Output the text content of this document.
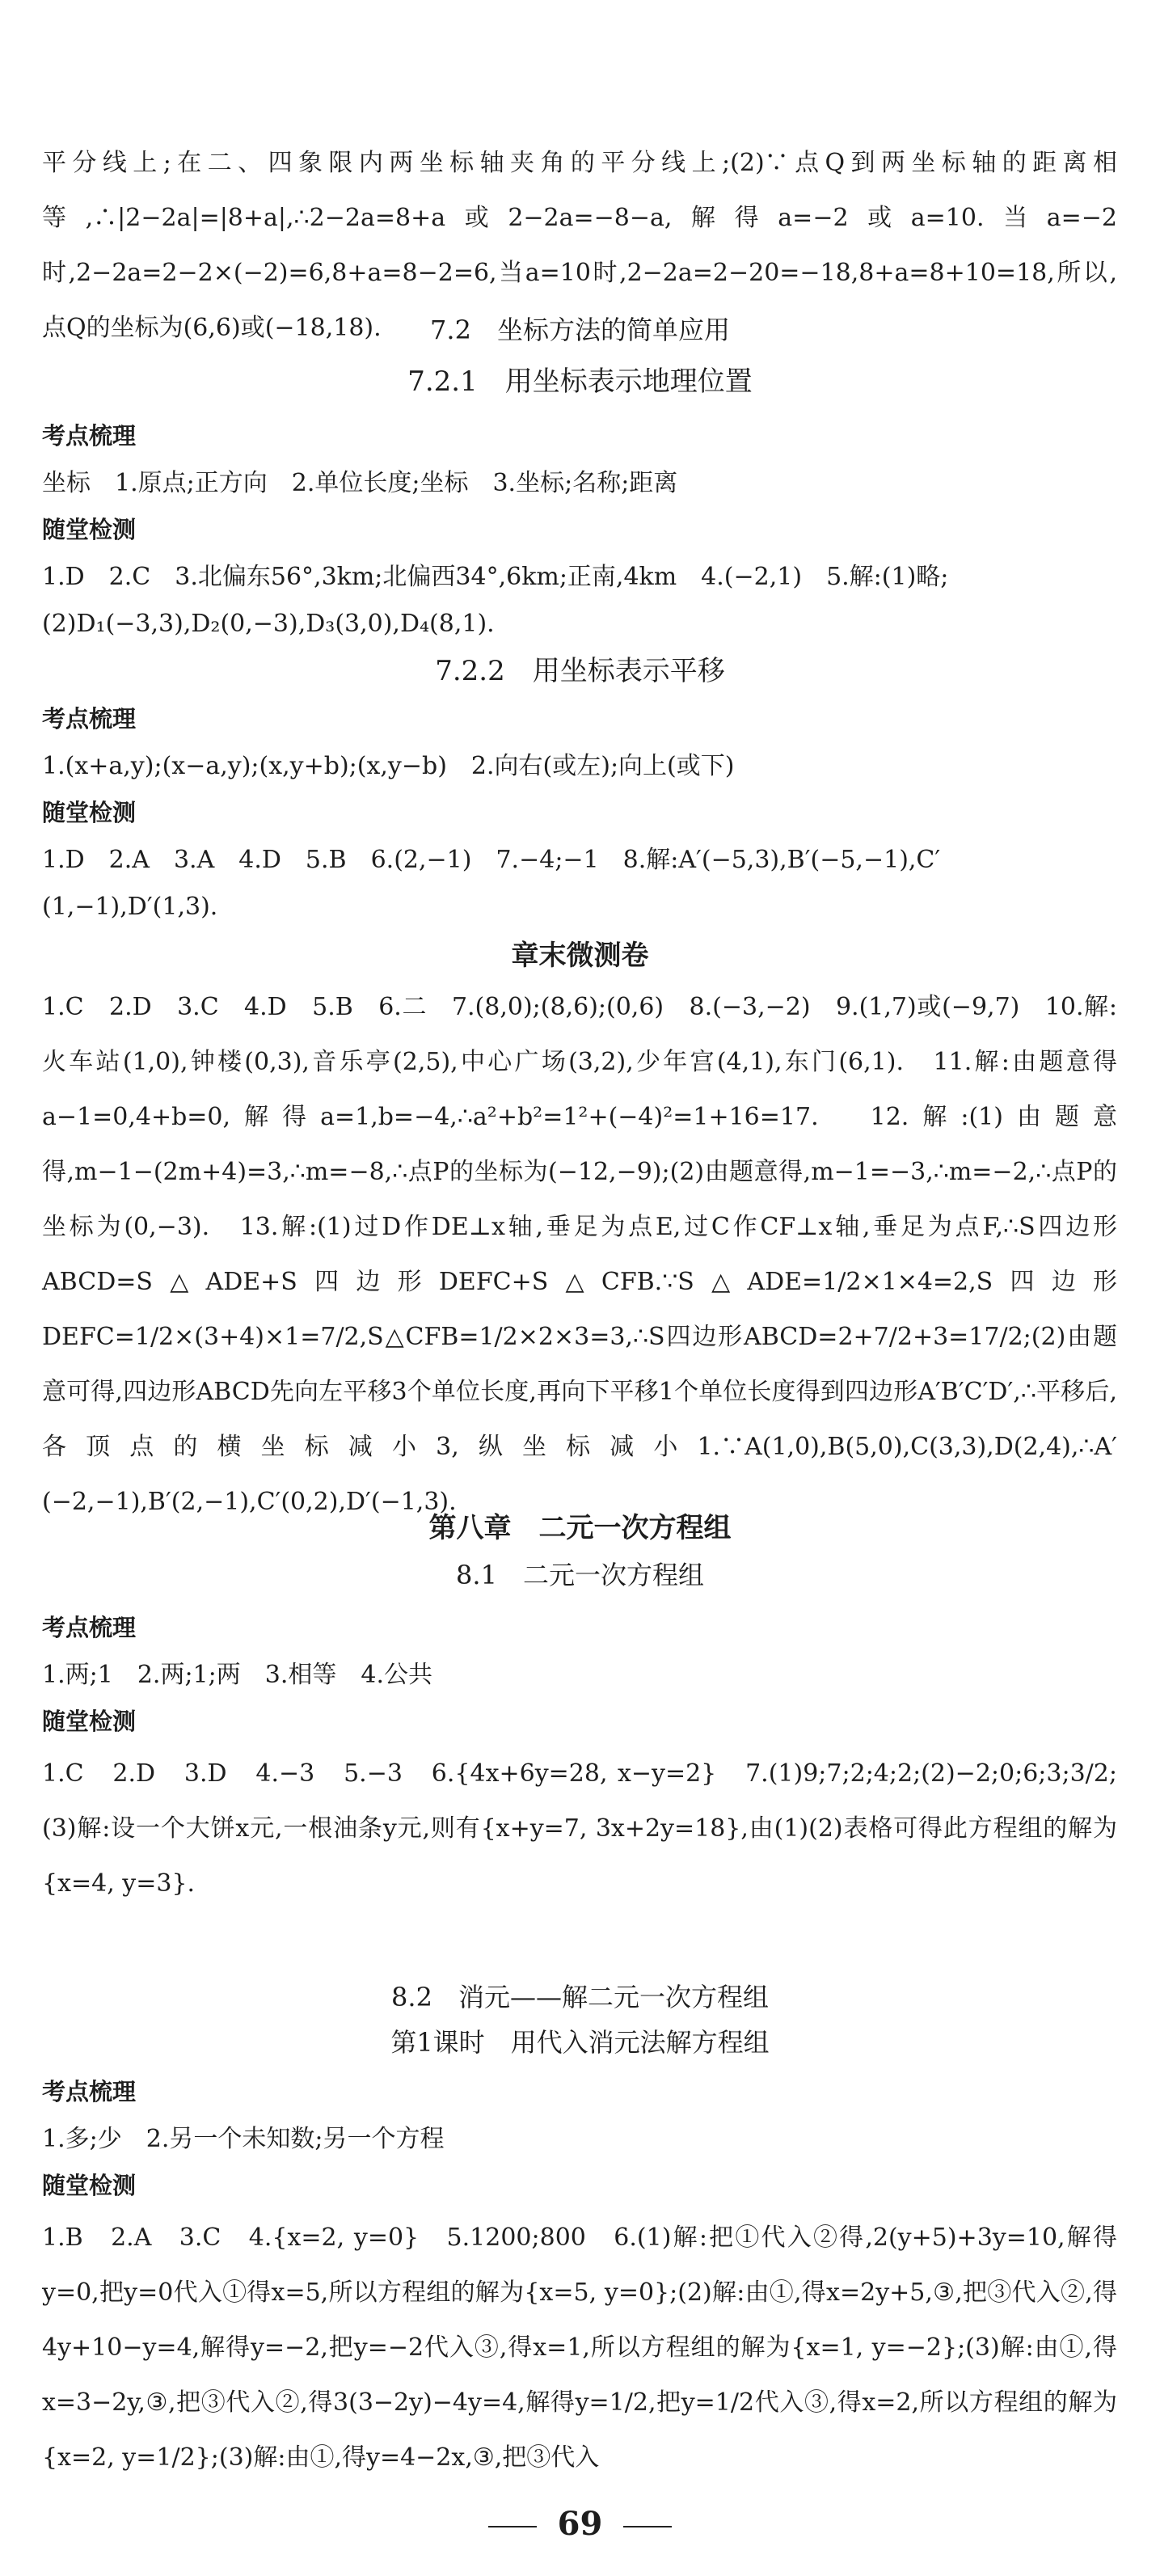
平分线上;在二、四象限内两坐标轴夹角的平分线上;(2)∵点Q到两坐标轴的距离相等,∴|2−2a|=|8+a|,∴2−2a=8+a或2−2a=−8−a,解得a=−2或a=10.当a=−2时,2−2a=2−2×(−2)=6,8+a=8−2=6,当a=10时,2−2a=2−20=−18,8+a=8+10=18,所以,点Q的坐标为(6,6)或(−18,18).	7.2　坐标方法的简单应用
7.2.1　用坐标表示地理位置
考点梳理
坐标　1.原点;正方向　2.单位长度;坐标　3.坐标;名称;距离
随堂检测
1.D　2.C　3.北偏东56°,3km;北偏西34°,6km;正南,4km　4.(−2,1)　5.解:(1)略;
(2)D₁(−3,3),D₂(0,−3),D₃(3,0),D₄(8,1).
7.2.2　用坐标表示平移
考点梳理
1.(x+a,y);(x−a,y);(x,y+b);(x,y−b)　2.向右(或左);向上(或下)
随堂检测
1.D　2.A　3.A　4.D　5.B　6.(2,−1)　7.−4;−1　8.解:A′(−5,3),B′(−5,−1),C′
(1,−1),D′(1,3).
章末微测卷

1.C　2.D　3.C　4.D　5.B　6.二　7.(8,0);(8,6);(0,6)　8.(−3,−2)　9.(1,7)或(−9,7)　10.解:火车站(1,0),钟楼(0,3),音乐亭(2,5),中心广场(3,2),少年宫(4,1),东门(6,1).　11.解:由题意得a−1=0,4+b=0,解得a=1,b=−4,∴a²+b²=1²+(−4)²=1+16=17.　12.解:(1)由题意得,m−1−(2m+4)=3,∴m=−8,∴点P的坐标为(−12,−9);(2)由题意得,m−1=−3,∴m=−2,∴点P的坐标为(0,−3).　13.解:(1)过D作DE⊥x轴,垂足为点E,过C作CF⊥x轴,垂足为点F,∴S四边形ABCD=S△ADE+S四边形DEFC+S△CFB.∵S△ADE=1/2×1×4=2,S四边形DEFC=1/2×(3+4)×1=7/2,S△CFB=1/2×2×3=3,∴S四边形ABCD=2+7/2+3=17/2;(2)由题意可得,四边形ABCD先向左平移3个单位长度,再向下平移1个单位长度得到四边形A′B′C′D′,∴平移后,各顶点的横坐标减小3,纵坐标减小1.∵A(1,0),B(5,0),C(3,3),D(2,4),∴A′(−2,−1),B′(2,−1),C′(0,2),D′(−1,3).

第八章　二元一次方程组
8.1　二元一次方程组
考点梳理
1.两;1　2.两;1;两　3.相等　4.公共
随堂检测

1.C　2.D　3.D　4.−3　5.−3　6.{4x+6y=28, x−y=2}　7.(1)9;7;2;4;2;(2)−2;0;6;3;3/2;(3)解:设一个大饼x元,一根油条y元,则有{x+y=7, 3x+2y=18},由(1)(2)表格可得此方程组的解为{x=4, y=3}.

8.2　消元——解二元一次方程组
第1课时　用代入消元法解方程组
考点梳理
1.多;少　2.另一个未知数;另一个方程
随堂检测

1.B　2.A　3.C　4.{x=2, y=0}　5.1200;800　6.(1)解:把①代入②得,2(y+5)+3y=10,解得y=0,把y=0代入①得x=5,所以方程组的解为{x=5, y=0};(2)解:由①,得x=2y+5,③,把③代入②,得4y+10−y=4,解得y=−2,把y=−2代入③,得x=1,所以方程组的解为{x=1, y=−2};(3)解:由①,得x=3−2y,③,把③代入②,得3(3−2y)−4y=4,解得y=1/2,把y=1/2代入③,得x=2,所以方程组的解为{x=2, y=1/2};(3)解:由①,得y=4−2x,③,把③代入

69
